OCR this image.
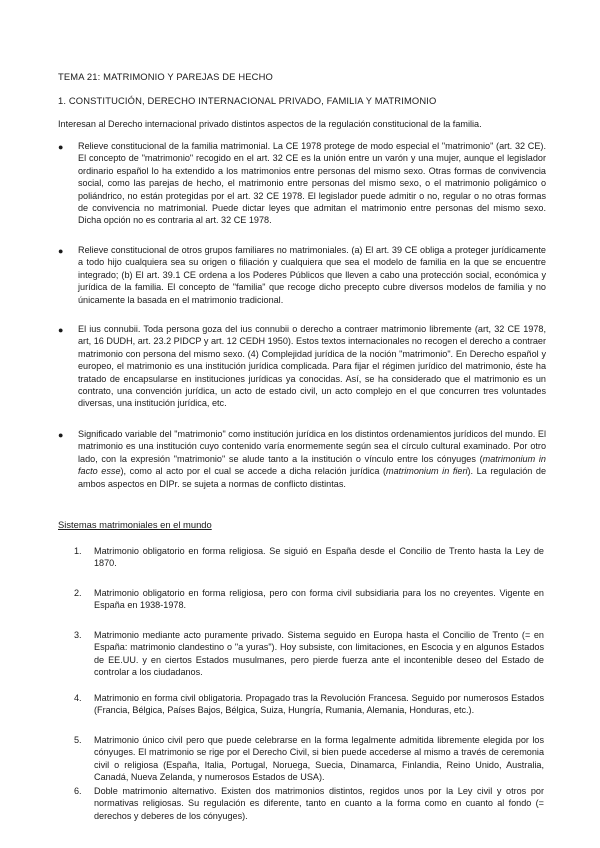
TEMA 21: MATRIMONIO Y PAREJAS DE HECHO
1. CONSTITUCIÓN, DERECHO INTERNACIONAL PRIVADO, FAMILIA Y MATRIMONIO
Interesan al Derecho internacional privado distintos aspectos de la regulación constitucional de la familia.
● Relieve constitucional de la familia matrimonial. La CE 1978 protege de modo especial el "matrimonio" (art. 32 CE). El concepto de "matrimonio" recogido en el art. 32 CE es la unión entre un varón y una mujer, aunque el legislador ordinario español lo ha extendido a los matrimonios entre personas del mismo sexo. Otras formas de convivencia social, como las parejas de hecho, el matrimonio entre personas del mismo sexo, o el matrimonio poligámico o poliándrico, no están protegidas por el art. 32 CE 1978. El legislador puede admitir o no, regular o no otras formas de convivencia no matrimonial. Puede dictar leyes que admitan el matrimonio entre personas del mismo sexo. Dicha opción no es contraria al art. 32 CE 1978.
● Relieve constitucional de otros grupos familiares no matrimoniales. (a) El art. 39 CE obliga a proteger jurídicamente a todo hijo cualquiera sea su origen o filiación y cualquiera que sea el modelo de familia en la que se encuentre integrado; (b) El art. 39.1 CE ordena a los Poderes Públicos que lleven a cabo una protección social, económica y jurídica de la familia. El concepto de "familia" que recoge dicho precepto cubre diversos modelos de familia y no únicamente la basada en el matrimonio tradicional.
● El ius connubii. Toda persona goza del ius connubii o derecho a contraer matrimonio libremente (art, 32 CE 1978, art, 16 DUDH, art. 23.2 PIDCP y art. 12 CEDH 1950). Estos textos internacionales no recogen el derecho a contraer matrimonio con persona del mismo sexo. (4) Complejidad jurídica de la noción "matrimonio". En Derecho español y europeo, el matrimonio es una institución jurídica complicada. Para fijar el régimen jurídico del matrimonio, éste ha tratado de encapsularse en instituciones jurídicas ya conocidas. Así, se ha considerado que el matrimonio es un contrato, una convención jurídica, un acto de estado civil, un acto complejo en el que concurren tres voluntades diversas, una institución jurídica, etc.
● Significado variable del "matrimonio" como institución jurídica en los distintos ordenamientos jurídicos del mundo. El matrimonio es una institución cuyo contenido varía enormemente según sea el círculo cultural examinado. Por otro lado, con la expresión "matrimonio" se alude tanto a la institución o vínculo entre los cónyuges (matrimonium in facto esse), como al acto por el cual se accede a dicha relación jurídica (matrimonium in fieri). La regulación de ambos aspectos en DIPr. se sujeta a normas de conflicto distintas.
Sistemas matrimoniales en el mundo
1. Matrimonio obligatorio en forma religiosa. Se siguió en España desde el Concilio de Trento hasta la Ley de 1870.
2. Matrimonio obligatorio en forma religiosa, pero con forma civil subsidiaria para los no creyentes. Vigente en España en 1938-1978.
3. Matrimonio mediante acto puramente privado. Sistema seguido en Europa hasta el Concilio de Trento (= en España: matrimonio clandestino o "a yuras"). Hoy subsiste, con limitaciones, en Escocia y en algunos Estados de EE.UU. y en ciertos Estados musulmanes, pero pierde fuerza ante el incontenible deseo del Estado de controlar a los ciudadanos.
4. Matrimonio en forma civil obligatoria. Propagado tras la Revolución Francesa. Seguido por numerosos Estados (Francia, Bélgica, Países Bajos, Bélgica, Suiza, Hungría, Rumania, Alemania, Honduras, etc.).
5. Matrimonio único civil pero que puede celebrarse en la forma legalmente admitida libremente elegida por los cónyuges. El matrimonio se rige por el Derecho Civil, si bien puede accederse al mismo a través de ceremonia civil o religiosa (España, Italia, Portugal, Noruega, Suecia, Dinamarca, Finlandia, Reino Unido, Australia, Canadá, Nueva Zelanda, y numerosos Estados de USA).
6. Doble matrimonio alternativo. Existen dos matrimonios distintos, regidos unos por la Ley civil y otros por normativas religiosas. Su regulación es diferente, tanto en cuanto a la forma como en cuanto al fondo (= derechos y deberes de los cónyuges).
